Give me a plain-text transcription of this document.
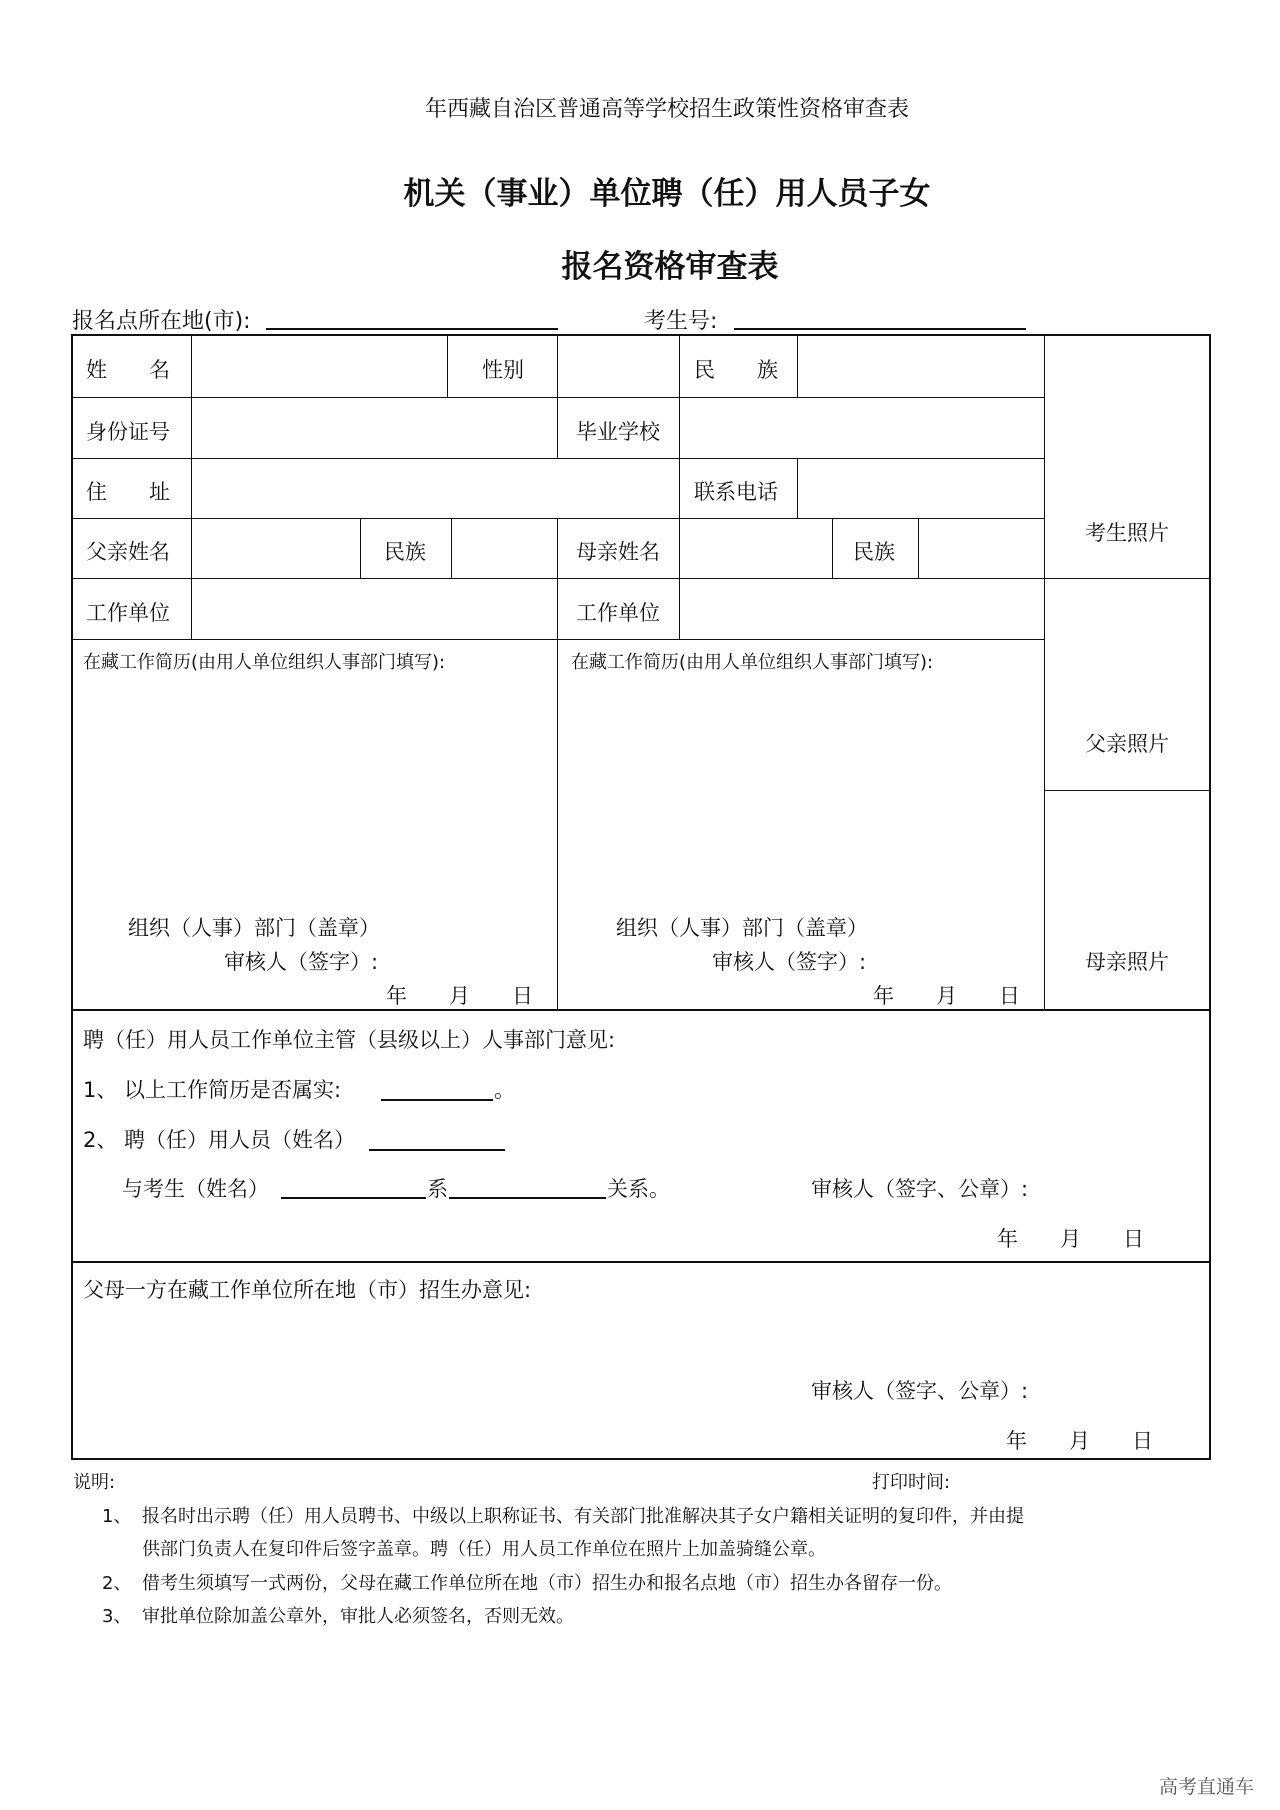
年西藏自治区普通高等学校招生政策性资格审查表
机关（事业）单位聘（任）用人员子女
报名资格审查表
报名点所在地(市):	考生号:
姓　　名	性别	民　　族
身份证号	毕业学校
住　　址	联系电话
父亲姓名	民族	母亲姓名	民族
工作单位	工作单位
在藏工作简历(由用人单位组织人事部门填写):
组织（人事）部门（盖章）
审核人（签字）:
年　　月　　日
在藏工作简历(由用人单位组织人事部门填写):
组织（人事）部门（盖章）
审核人（签字）:
年　　月　　日
考生照片
父亲照片
母亲照片
聘（任）用人员工作单位主管（县级以上）人事部门意见:
1、 以上工作简历是否属实:	。
2、 聘（任）用人员（姓名）
与考生（姓名）	系	关系。	审核人（签字、公章）:
年　　月　　日
父母一方在藏工作单位所在地（市）招生办意见:
审核人（签字、公章）:
年　　月　　日
说明:	打印时间:
1、 报名时出示聘（任）用人员聘书、中级以上职称证书、有关部门批准解决其子女户籍相关证明的复印件，并由提
供部门负责人在复印件后签字盖章。聘（任）用人员工作单位在照片上加盖骑缝公章。
2、 借考生须填写一式两份，父母在藏工作单位所在地（市）招生办和报名点地（市）招生办各留存一份。
3、 审批单位除加盖公章外，审批人必须签名，否则无效。
高考直通车
